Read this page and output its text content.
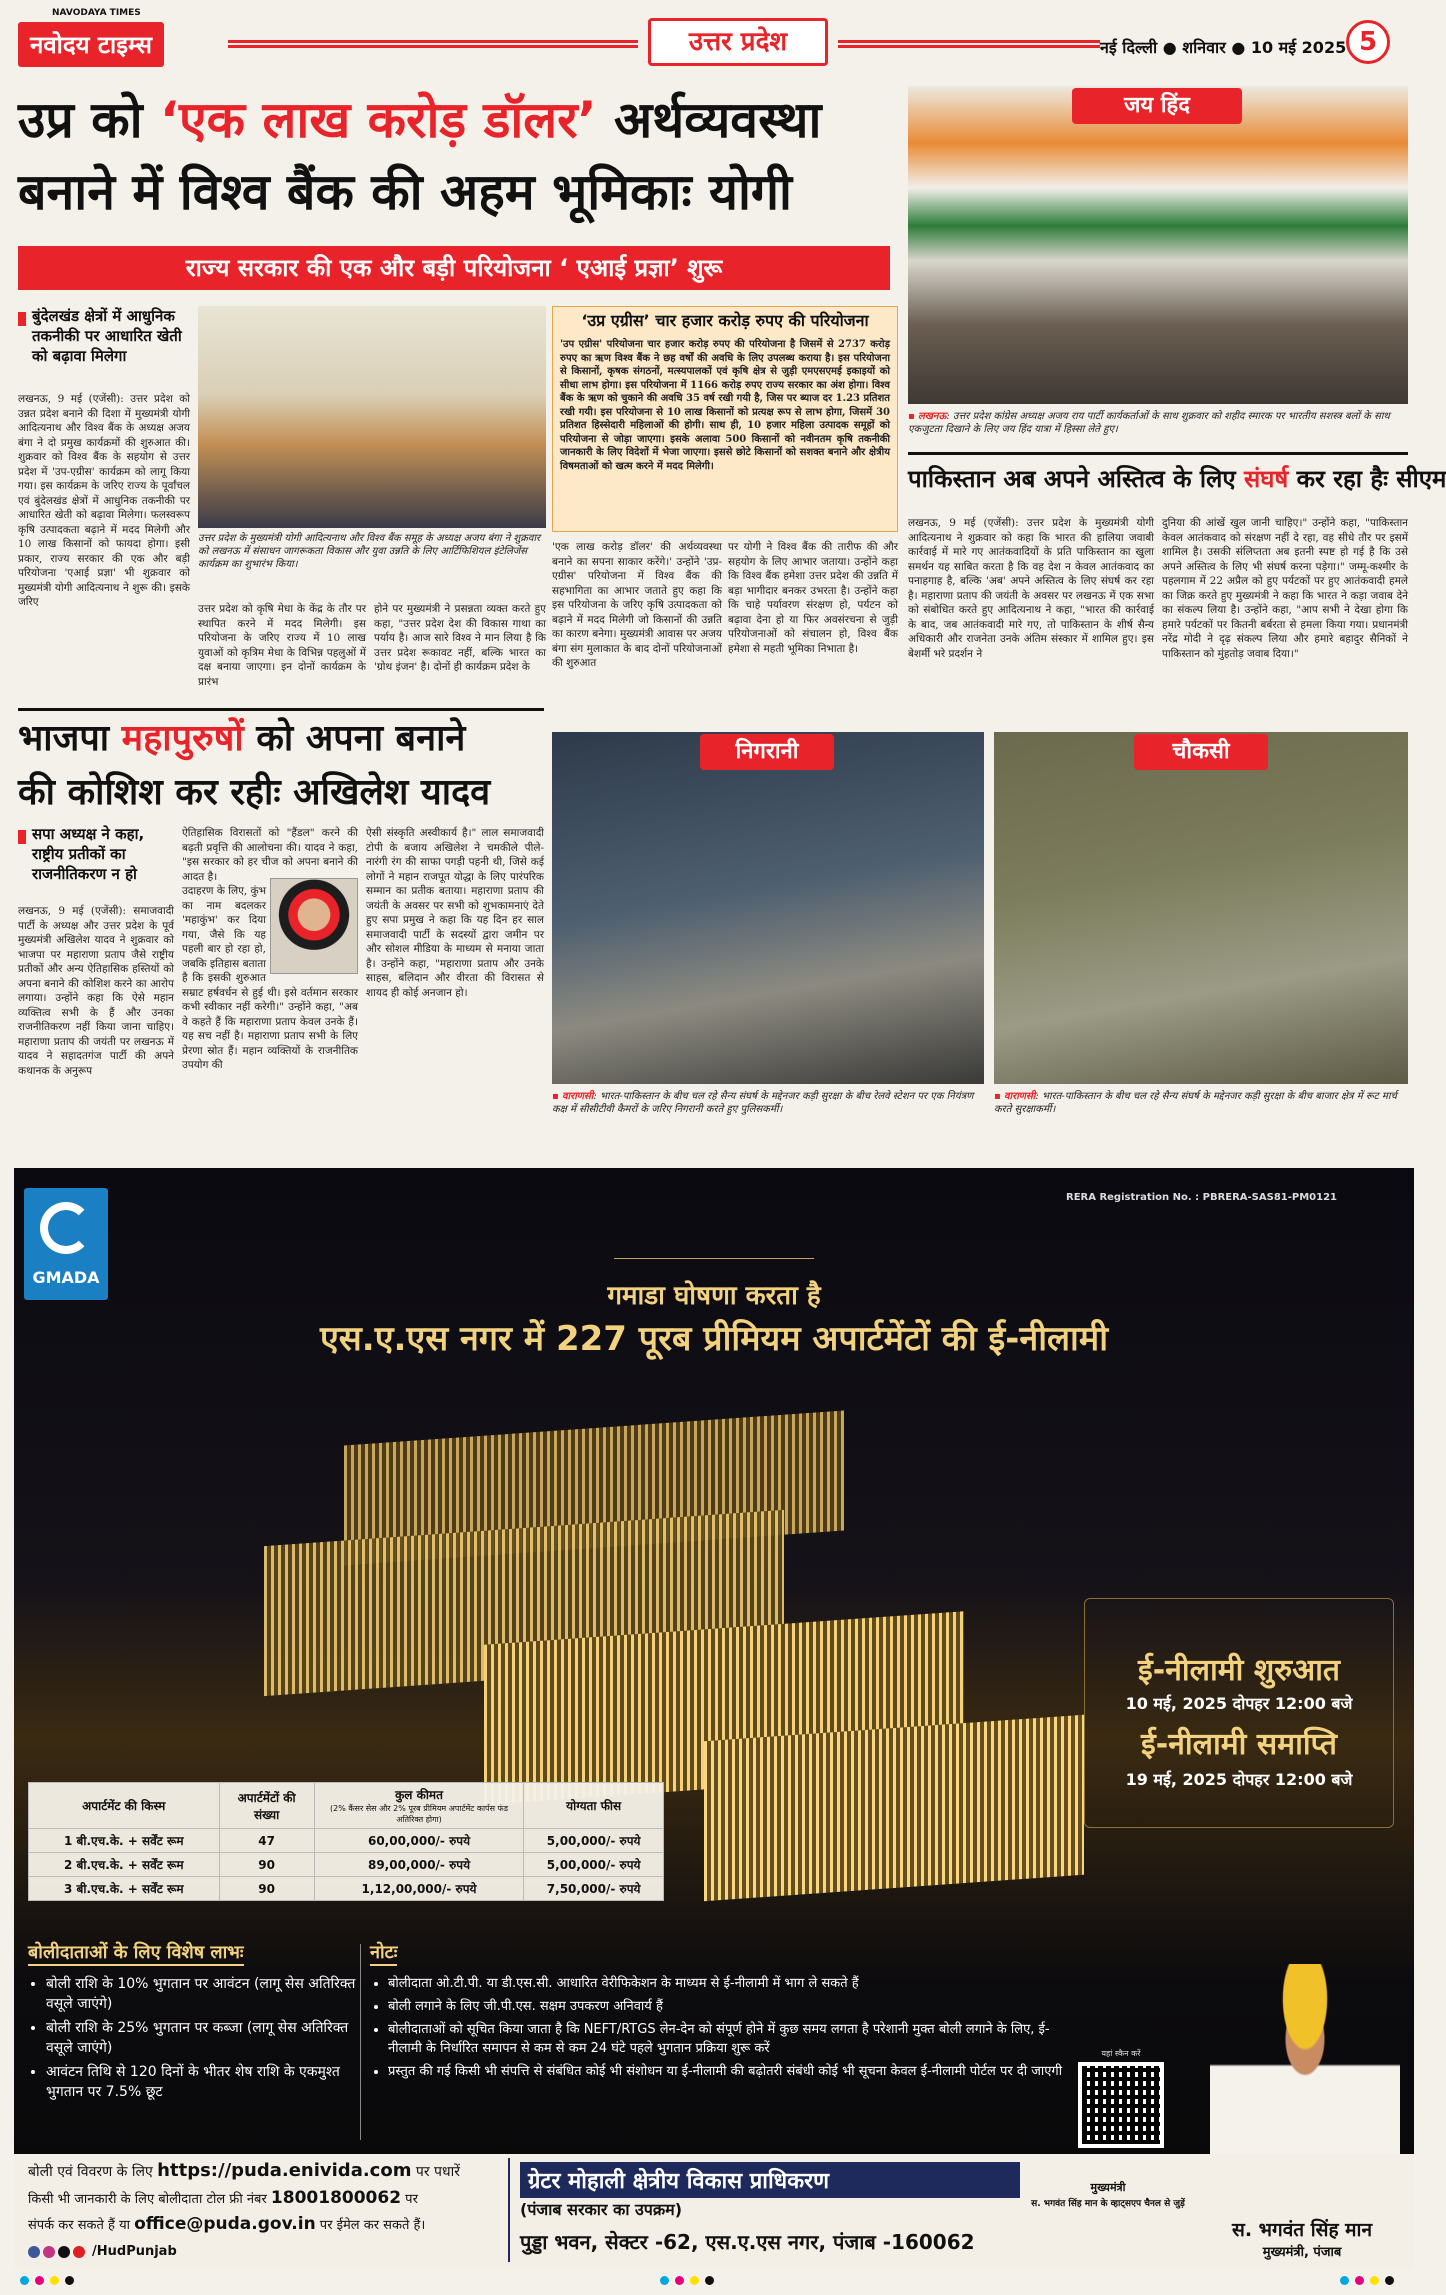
NAVODAYA TIMES
नवोदय टाइम्स	उत्तर प्रदेश	नई दिल्ली ● शनिवार ● 10 मई 2025 5
उप्र को ‘एक लाख करोड़ डॉलर’ अर्थव्यवस्था
बनाने में विश्व बैंक की अहम भूमिकाः योगी
राज्य सरकार की एक और बड़ी परियोजना ‘ एआई प्रज्ञा’ शुरू
बुंदेलखंड क्षेत्रों में आधुनिक तकनीकी पर आधारित खेती को बढ़ावा मिलेगा
लखनऊ, 9 मई (एजेंसी): उत्तर प्रदेश को उन्नत प्रदेश बनाने की दिशा में मुख्यमंत्री योगी आदित्यनाथ और विश्व बैंक के अध्यक्ष अजय बंगा ने दो प्रमुख कार्यक्रमों की शुरुआत की। शुक्रवार को विश्व बैंक के सहयोग से उत्तर प्रदेश में 'उप-एग्रीस' कार्यक्रम को लागू किया गया। इस कार्यक्रम के जरिए राज्य के पूर्वांचल एवं बुंदेलखंड क्षेत्रों में आधुनिक तकनीकी पर आधारित खेती को बढ़ावा मिलेगा। फलस्वरूप कृषि उत्पादकता बढ़ाने में मदद मिलेगी और 10 लाख किसानों को फायदा होगा। इसी प्रकार, राज्य सरकार की एक और बड़ी परियोजना 'एआई प्रज्ञा' भी शुक्रवार को मुख्यमंत्री योगी आदित्यनाथ ने शुरू की। इसके जरिए
उत्तर प्रदेश के मुख्यमंत्री योगी आदित्यनाथ और विश्व बैंक समूह के अध्यक्ष अजय बंगा ने शुक्रवार को लखनऊ में संसाधन जागरूकता विकास और युवा उन्नति के लिए आर्टिफिशियल इंटेलिजेंस कार्यक्रम का शुभारंभ किया।
उत्तर प्रदेश को कृषि मेधा के केंद्र के तौर पर स्थापित करने में मदद मिलेगी। इस परियोजना के जरिए राज्य में 10 लाख युवाओं को कृत्रिम मेधा के विभिन्न पहलुओं में दक्ष बनाया जाएगा। इन दोनों कार्यक्रम के प्रारंभ
होने पर मुख्यमंत्री ने प्रसन्नता व्यक्त करते हुए कहा, "उत्तर प्रदेश देश की विकास गाथा का पर्याय है। आज सारे विश्व ने मान लिया है कि उत्तर प्रदेश रूकावट नहीं, बल्कि भारत का 'ग्रोथ इंजन' है। दोनों ही कार्यक्रम प्रदेश के
‘उप्र एग्रीस’ चार हजार करोड़ रुपए की परियोजना
'उप एग्रीस' परियोजना चार हजार करोड़ रुपए की परियोजना है जिसमें से 2737 करोड़ रुपए का ऋण विश्व बैंक ने छह वर्षों की अवधि के लिए उपलब्ध कराया है। इस परियोजना से किसानों, कृषक संगठनों, मत्स्यपालकों एवं कृषि क्षेत्र से जुड़ी एमएसएमई इकाइयों को सीधा लाभ होगा। इस परियोजना में 1166 करोड़ रुपए राज्य सरकार का अंश होगा। विश्व बैंक के ऋण को चुकाने की अवधि 35 वर्ष रखी गयी है, जिस पर ब्याज दर 1.23 प्रतिशत रखी गयी। इस परियोजना से 10 लाख किसानों को प्रत्यक्ष रूप से लाभ होगा, जिसमें 30 प्रतिशत हिस्सेदारी महिलाओं की होगी। साथ ही, 10 हजार महिला उत्पादक समूहों को परियोजना से जोड़ा जाएगा। इसके अलावा 500 किसानों को नवीनतम कृषि तकनीकी जानकारी के लिए विदेशों में भेजा जाएगा। इससे छोटे किसानों को सशक्त बनाने और क्षेत्रीय विषमताओं को खत्म करने में मदद मिलेगी।
'एक लाख करोड़ डॉलर' की अर्थव्यवस्था बनाने का सपना साकार करेंगे।' उन्होंने 'उप्र-एग्रीस' परियोजना में विश्व बैंक की सहभागिता का आभार जताते हुए कहा कि इस परियोजना के जरिए कृषि उत्पादकता को बढ़ाने में मदद मिलेगी जो किसानों की उन्नति का कारण बनेगा। मुख्यमंत्री आवास पर अजय बंगा संग मुलाकात के बाद दोनों परियोजनाओं की शुरुआत
पर योगी ने विश्व बैंक की तारीफ की और सहयोग के लिए आभार जताया। उन्होंने कहा कि विश्व बैंक हमेशा उत्तर प्रदेश की उन्नति में बड़ा भागीदार बनकर उभरता है। उन्होंने कहा कि चाहे पर्यावरण संरक्षण हो, पर्यटन को बढ़ावा देना हो या फिर अवसंरचना से जुड़ी परियोजनाओं को संचालन हो, विश्व बैंक हमेशा से महती भूमिका निभाता है।
जय हिंद
▪ लखनऊ: उत्तर प्रदेश कांग्रेस अध्यक्ष अजय राय पार्टी कार्यकर्ताओं के साथ शुक्रवार को शहीद स्मारक पर भारतीय सशस्त्र बलों के साथ एकजुटता दिखाने के लिए जय हिंद यात्रा में हिस्सा लेते हुए।
पाकिस्तान अब अपने अस्तित्व के लिए संघर्ष कर रहा हैः सीएम
लखनऊ, 9 मई (एजेंसी): उत्तर प्रदेश के मुख्यमंत्री योगी आदित्यनाथ ने शुक्रवार को कहा कि भारत की हालिया जवाबी कार्रवाई में मारे गए आतंकवादियों के प्रति पाकिस्तान का खुला समर्थन यह साबित करता है कि वह देश न केवल आतंकवाद का पनाहगाह है, बल्कि 'अब' अपने अस्तित्व के लिए संघर्ष कर रहा है। महाराणा प्रताप की जयंती के अवसर पर लखनऊ में एक सभा को संबोधित करते हुए आदित्यनाथ ने कहा, "भारत की कार्रवाई के बाद, जब आतंकवादी मारे गए, तो पाकिस्तान के शीर्ष सैन्य अधिकारी और राजनेता उनके अंतिम संस्कार में शामिल हुए। इस बेशर्मी भरे प्रदर्शन ने
दुनिया की आंखें खुल जानी चाहिए।" उन्होंने कहा, "पाकिस्तान केवल आतंकवाद को संरक्षण नहीं दे रहा, वह सीधे तौर पर इसमें शामिल है। उसकी संलिप्तता अब इतनी स्पष्ट हो गई है कि उसे अपने अस्तित्व के लिए भी संघर्ष करना पड़ेगा।" जम्मू-कश्मीर के पहलगाम में 22 अप्रैल को हुए पर्यटकों पर हुए आतंकवादी हमले का जिक्र करते हुए मुख्यमंत्री ने कहा कि भारत ने कड़ा जवाब देने का संकल्प लिया है। उन्होंने कहा, "आप सभी ने देखा होगा कि हमारे पर्यटकों पर कितनी बर्बरता से हमला किया गया। प्रधानमंत्री नरेंद्र मोदी ने दृढ़ संकल्प लिया और हमारे बहादुर सैनिकों ने पाकिस्तान को मुंहतोड़ जवाब दिया।"
भाजपा महापुरुषों को अपना बनाने
की कोशिश कर रहीः अखिलेश यादव
सपा अध्यक्ष ने कहा, राष्ट्रीय प्रतीकों का राजनीतिकरण न हो
लखनऊ, 9 मई (एजेंसी): समाजवादी पार्टी के अध्यक्ष और उत्तर प्रदेश के पूर्व मुख्यमंत्री अखिलेश यादव ने शुक्रवार को भाजपा पर महाराणा प्रताप जैसे राष्ट्रीय प्रतीकों और अन्य ऐतिहासिक हस्तियों को अपना बनाने की कोशिश करने का आरोप लगाया। उन्होंने कहा कि ऐसे महान व्यक्तित्व सभी के हैं और उनका राजनीतिकरण नहीं किया जाना चाहिए। महाराणा प्रताप की जयंती पर लखनऊ में यादव ने सहादतगंज पार्टी की अपने कथानक के अनुरूप
ऐतिहासिक विरासतों को "हैंडल" करने की बढ़ती प्रवृत्ति की आलोचना की। यादव ने कहा, "इस सरकार को हर चीज को अपना बनाने की आदत है।
उदाहरण के लिए, कुंभ का नाम बदलकर 'महाकुंभ' कर दिया गया, जैसे कि यह पहली बार हो रहा हो, जबकि इतिहास बताता है कि इसकी शुरुआत सम्राट हर्षवर्धन से हुई थी। इसे वर्तमान सरकार कभी स्वीकार नहीं करेगी।" उन्होंने कहा, "अब वे कहते हैं कि महाराणा प्रताप केवल उनके हैं। यह सच नहीं है। महाराणा प्रताप सभी के लिए प्रेरणा स्रोत हैं। महान व्यक्तियों के राजनीतिक उपयोग की
ऐसी संस्कृति अस्वीकार्य है।" लाल समाजवादी टोपी के बजाय अखिलेश ने चमकीले पीले-नारंगी रंग की साफा पगड़ी पहनी थी, जिसे कई लोगों ने महान राजपूत योद्धा के लिए पारंपरिक सम्मान का प्रतीक बताया। महाराणा प्रताप की जयंती के अवसर पर सभी को शुभकामनाएं देते हुए सपा प्रमुख ने कहा कि यह दिन हर साल समाजवादी पार्टी के सदस्यों द्वारा जमीन पर और सोशल मीडिया के माध्यम से मनाया जाता है। उन्होंने कहा, "महाराणा प्रताप और उनके साहस, बलिदान और वीरता की विरासत से शायद ही कोई अनजान हो।
निगरानी
▪ वाराणसी: भारत-पाकिस्तान के बीच चल रहे सैन्य संघर्ष के मद्देनजर कड़ी सुरक्षा के बीच रेलवे स्टेशन पर एक नियंत्रण कक्ष में सीसीटीवी कैमरों के जरिए निगरानी करते हुए पुलिसकर्मी।
चौकसी
▪ वाराणसी: भारत-पाकिस्तान के बीच चल रहे सैन्य संघर्ष के मद्देनजर कड़ी सुरक्षा के बीच बाजार क्षेत्र में रूट मार्च करते सुरक्षाकर्मी।
RERA Registration No. : PBRERA-SAS81-PM0121
GMADA
गमाडा घोषणा करता है
एस.ए.एस नगर में 227 पूरब प्रीमियम अपार्टमेंटों की ई-नीलामी
ई-नीलामी शुरुआत
10 मई, 2025 दोपहर 12:00 बजे
ई-नीलामी समाप्ति
19 मई, 2025 दोपहर 12:00 बजे
अपार्टमेंट की किस्म	अपार्टमेंटों की संख्या	कुल कीमत
(2% कैंसर सेस और 2% पूरब प्रीमियम अपार्टमेंट कार्पस फंड अतिरिक्त होगा)	योग्यता फीस
1 बी.एच.के. + सर्वेंट रूम	47	60,00,000/- रुपये	5,00,000/- रुपये
2 बी.एच.के. + सर्वेंट रूम	90	89,00,000/- रुपये	5,00,000/- रुपये
3 बी.एच.के. + सर्वेंट रूम	90	1,12,00,000/- रुपये	7,50,000/- रुपये
बोलीदाताओं के लिए विशेष लाभः
• बोली राशि के 10% भुगतान पर आवंटन (लागू सेस अतिरिक्त वसूले जाएंगे)
• बोली राशि के 25% भुगतान पर कब्जा (लागू सेस अतिरिक्त वसूले जाएंगे)
• आवंटन तिथि से 120 दिनों के भीतर शेष राशि के एकमुश्त भुगतान पर 7.5% छूट
नोटः
• बोलीदाता ओ.टी.पी. या डी.एस.सी. आधारित वेरीफिकेशन के माध्यम से ई-नीलामी में भाग ले सकते हैं
• बोली लगाने के लिए जी.पी.एस. सक्षम उपकरण अनिवार्य हैं
• बोलीदाताओं को सूचित किया जाता है कि NEFT/RTGS लेन-देन को संपूर्ण होने में कुछ समय लगता है परेशानी मुक्त बोली लगाने के लिए, ई-नीलामी के निर्धारित समापन से कम से कम 24 घंटे पहले भुगतान प्रक्रिया शुरू करें
• प्रस्तुत की गई किसी भी संपत्ति से संबंधित कोई भी संशोधन या ई-नीलामी की बढ़ोतरी संबंधी कोई भी सूचना केवल ई-नीलामी पोर्टल पर दी जाएगी
यहां स्कैन करें
बोली एवं विवरण के लिए https://puda.enivida.com पर पधारें
किसी भी जानकारी के लिए बोलीदाता टोल फ्री नंबर 18001800062 पर
संपर्क कर सकते हैं या office@puda.gov.in पर ईमेल कर सकते हैं।
/HudPunjab
ग्रेटर मोहाली क्षेत्रीय विकास प्राधिकरण
(पंजाब सरकार का उपक्रम)
पुड्डा भवन, सेक्टर -62, एस.ए.एस नगर, पंजाब -160062
मुख्यमंत्री
स. भगवंत सिंह मान के व्हाट्सएप चैनल से जुड़ें
स. भगवंत सिंह मान
मुख्यमंत्री, पंजाब
